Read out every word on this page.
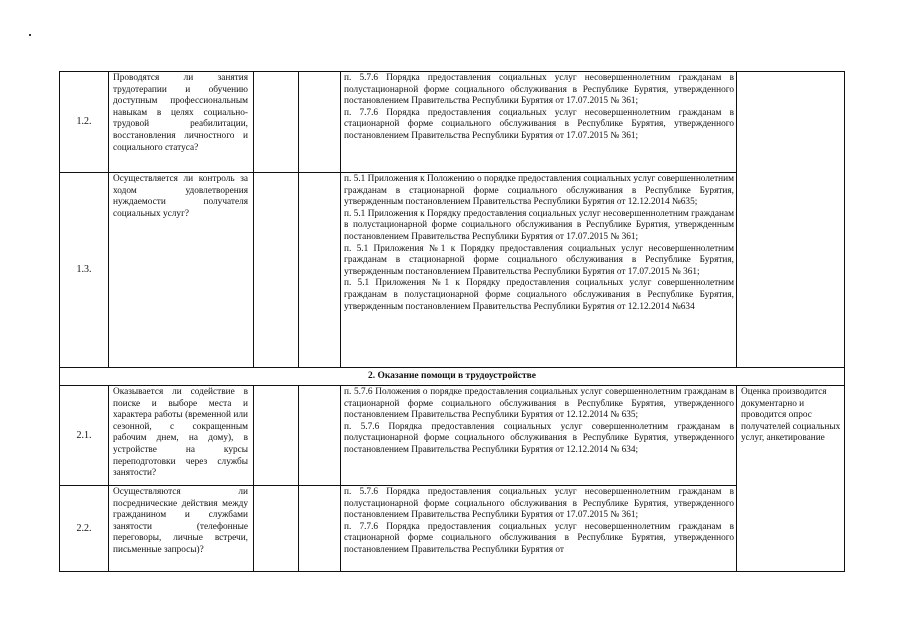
1.2.	Проводятся ли занятия трудотерапии и обучению доступным профессиональным навыкам в целях социально-трудовой реабилитации, восстановления личностного и социального статуса?			п. 5.7.6 Порядка предоставления социальных услуг несовершеннолетним гражданам в полустационарной форме социального обслуживания в Республике Бурятия, утвержденного постановлением Правительства Республики Бурятия от 17.07.2015 № 361;
п. 7.7.6 Порядка предоставления социальных услуг несовершеннолетним гражданам в стационарной форме социального обслуживания в Республике Бурятия, утвержденного постановлением Правительства Республики Бурятия от 17.07.2015 № 361;	

1.3.	Осуществляется ли контроль за ходом удовлетворения нуждаемости получателя социальных услуг?			п. 5.1 Приложения к Положению о порядке предоставления социальных услуг совершеннолетним гражданам в стационарной форме социального обслуживания в Республике Бурятия, утвержденным постановлением Правительства Республики Бурятия от 12.12.2014 №635;
п. 5.1 Приложения к Порядку предоставления социальных услуг несовершеннолетним гражданам в полустационарной форме социального обслуживания в Республике Бурятия, утвержденным постановлением Правительства Республики Бурятия от 17.07.2015 № 361;
п. 5.1 Приложения №1 к Порядку предоставления социальных услуг несовершеннолетним гражданам в стационарной форме социального обслуживания в Республике Бурятия, утвержденным постановлением Правительства Республики Бурятия от 17.07.2015 № 361;
п. 5.1 Приложения №1 к Порядку предоставления социальных услуг совершеннолетним гражданам в полустационарной форме социального обслуживания в Республике Бурятия, утвержденным постановлением Правительства Республики Бурятия от 12.12.2014 №634	

2. Оказание помощи в трудоустройстве					
2.1.	Оказывается ли содействие в поиске и выборе места и характера работы (временной или сезонной, с сокращенным рабочим днем, на дому), в устройстве на курсы переподготовки через службы занятости?			п. 5.7.6 Положения о порядке предоставления социальных услуг совершеннолетним гражданам в стационарной форме социального обслуживания в Республике Бурятия, утвержденного постановлением Правительства Республики Бурятия от 12.12.2014 № 635;
п. 5.7.6 Порядка предоставления социальных услуг совершеннолетним гражданам в полустационарной форме социального обслуживания в Республике Бурятия, утвержденного постановлением Правительства Республики Бурятия от 12.12.2014 № 634;	Оценка производится документарно и проводится опрос получателей социальных услуг, анкетирование
2.2.	Осуществляются ли посреднические действия между гражданином и службами занятости (телефонные переговоры, личные встречи, письменные запросы)?			п. 5.7.6 Порядка предоставления социальных услуг несовершеннолетним гражданам в полустационарной форме социального обслуживания в Республике Бурятия, утвержденного постановлением Правительства Республики Бурятия от 17.07.2015 № 361;
п. 7.7.6 Порядка предоставления социальных услуг несовершеннолетним гражданам в стационарной форме социального обслуживания в Республике Бурятия, утвержденного постановлением Правительства Республики Бурятия от	
